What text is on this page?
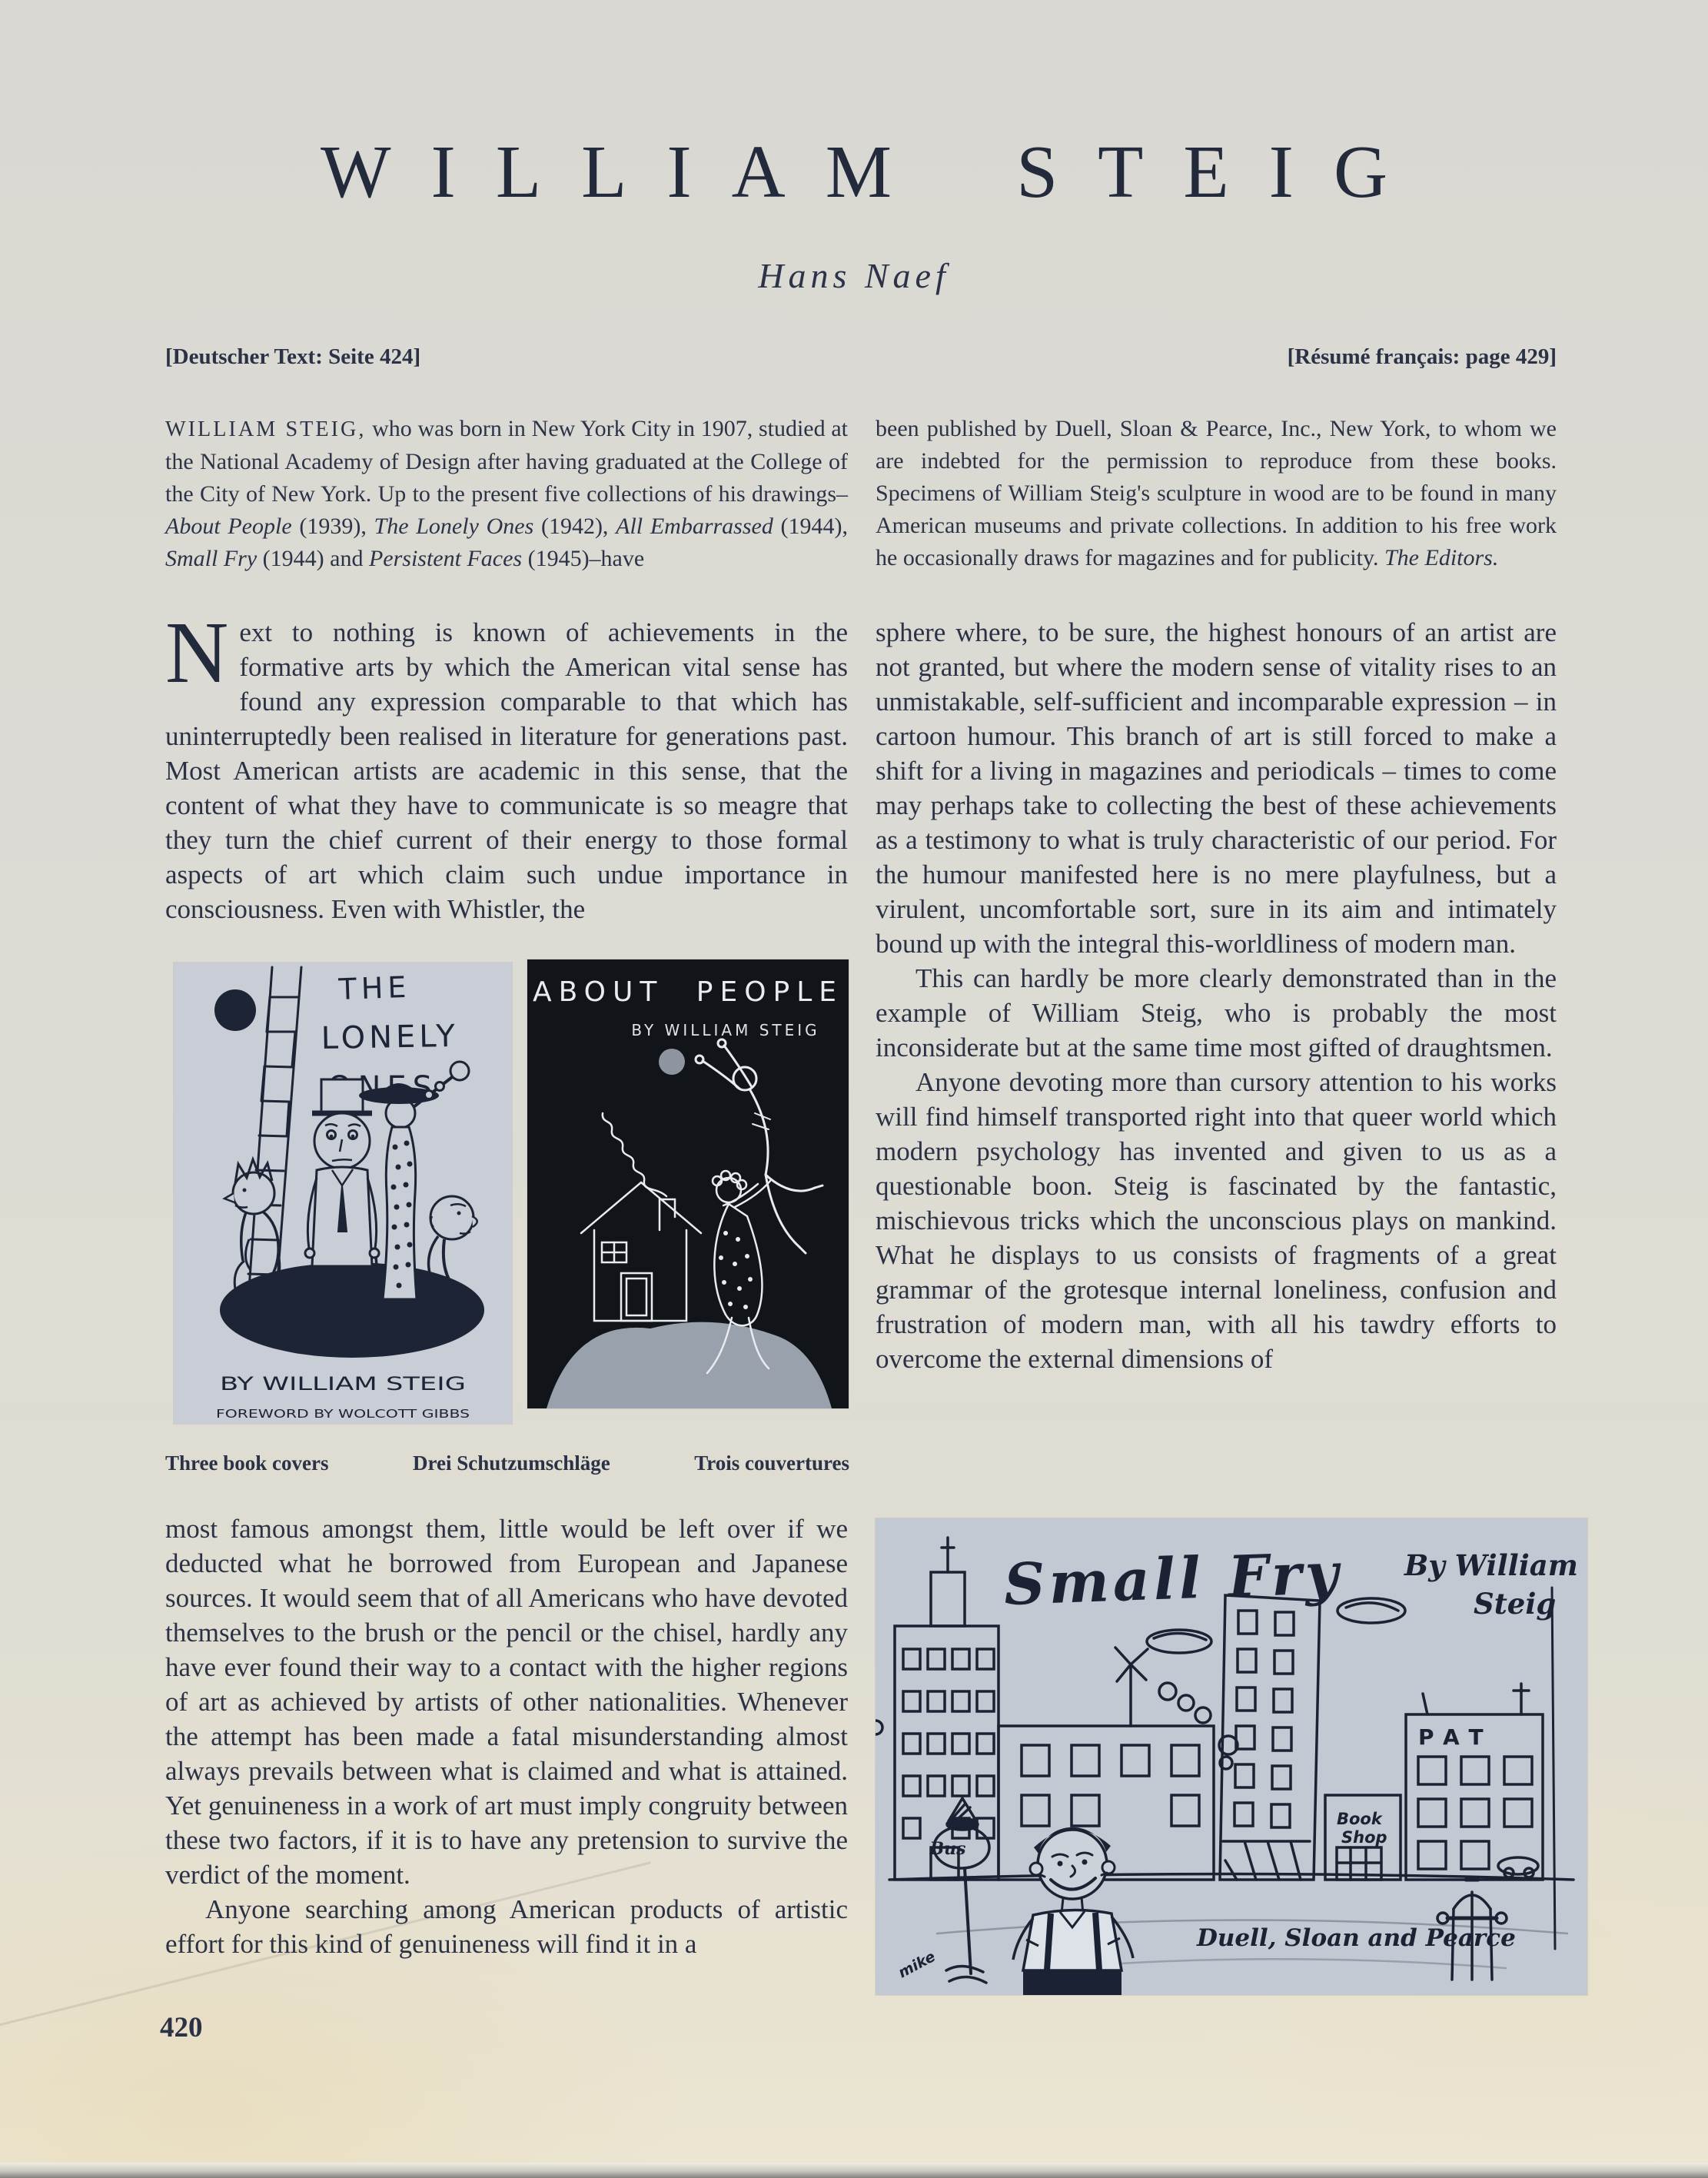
WILLIAM STEIG
Hans Naef
[Deutscher Text: Seite 424]	[Résumé français: page 429]
WILLIAM STEIG, who was born in New York City in 1907, studied at the National Academy of Design after having graduated at the College of the City of New York. Up to the present five collections of his drawings–About People (1939), The Lonely Ones (1942), All Embarrassed (1944), Small Fry (1944) and Persistent Faces (1945)–have
been published by Duell, Sloan & Pearce, Inc., New York, to whom we are indebted for the permission to reproduce from these books. Specimens of William Steig's sculpture in wood are to be found in many American museums and private collections. In addition to his free work he occasionally draws for magazines and for publicity. The Editors.

Next to nothing is known of achievements in the formative arts by which the American vital sense has found any expression comparable to that which has uninterruptedly been realised in literature for generations past. Most American artists are academic in this sense, that the content of what they have to communicate is so meagre that they turn the chief current of their energy to those formal aspects of art which claim such undue importance in consciousness. Even with Whistler, the

THE
LONELY
BY WILLIAM STEIG
FOREWORD BY WOLCOTT GIBBS
ABOUT PEOPLE
BY WILLIAM STEIG
Three book covers	Drei Schutzumschläge	Trois couvertures

most famous amongst them, little would be left over if we deducted what he borrowed from European and Japanese sources. It would seem that of all Americans who have devoted themselves to the brush or the pencil or the chisel, hardly any have ever found their way to a contact with the higher regions of art as achieved by artists of other nationalities. Whenever the attempt has been made a fatal misunderstanding almost always prevails between what is claimed and what is attained. Yet genuineness in a work of art must imply congruity between these two factors, if it is to have any pretension to survive the verdict of the moment.

Anyone searching among American products of artistic effort for this kind of genuineness will find it in a

sphere where, to be sure, the highest honours of an artist are not granted, but where the modern sense of vitality rises to an unmistakable, self-sufficient and incomparable expression – in cartoon humour. This branch of art is still forced to make a shift for a living in magazines and periodicals – times to come may perhaps take to collecting the best of these achievements as a testimony to what is truly characteristic of our period. For the humour manifested here is no mere playfulness, but a virulent, uncomfortable sort, sure in its aim and intimately bound up with the integral this-worldliness of modern man.

This can hardly be more clearly demonstrated than in the example of William Steig, who is probably the most inconsiderate but at the same time most gifted of draughtsmen.

Anyone devoting more than cursory attention to his works will find himself transported right into that queer world which modern psychology has invented and given to us as a questionable boon. Steig is fascinated by the fantastic, mischievous tricks which the unconscious plays on mankind. What he displays to us consists of fragments of a great grammar of the grotesque internal loneliness, confusion and frustration of modern man, with all his tawdry efforts to overcome the external dimensions of

Small Fry By William
Steig
Duell, Sloan and Pearce
Bus
Book
Shop
PAT
mike
420
